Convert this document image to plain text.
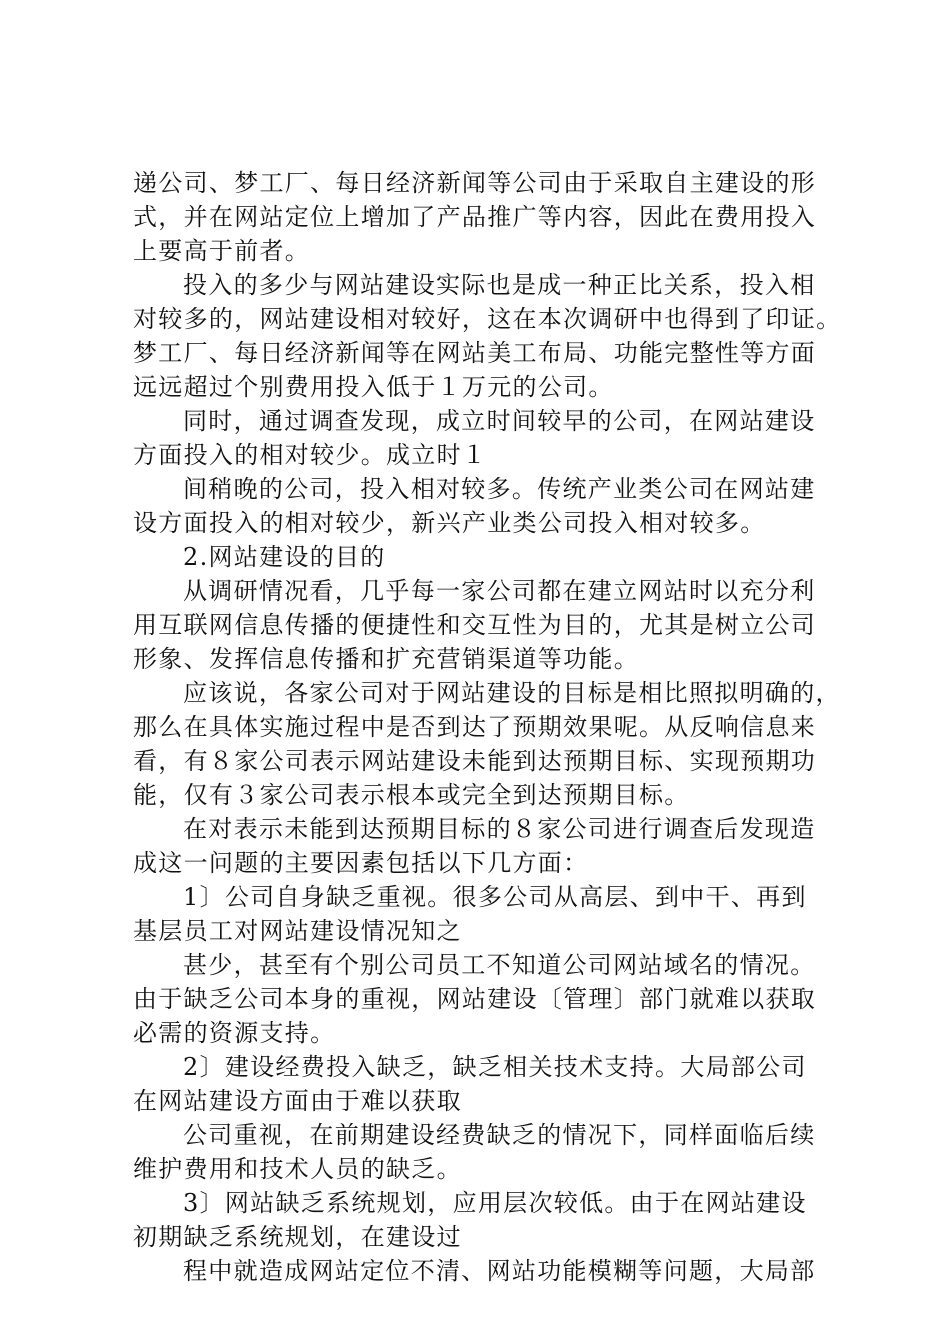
递公司、梦工厂、每日经济新闻等公司由于采取自主建设的形
式，并在网站定位上增加了产品推广等内容，因此在费用投入
上要高于前者。
投入的多少与网站建设实际也是成一种正比关系，投入相
对较多的，网站建设相对较好，这在本次调研中也得到了印证。
梦工厂、每日经济新闻等在网站美工布局、功能完整性等方面
远远超过个别费用投入低于１万元的公司。
同时，通过调查发现，成立时间较早的公司，在网站建设
方面投入的相对较少。成立时１
间稍晚的公司，投入相对较多。传统产业类公司在网站建
设方面投入的相对较少，新兴产业类公司投入相对较多。
2.网站建设的目的
从调研情况看，几乎每一家公司都在建立网站时以充分利
用互联网信息传播的便捷性和交互性为目的，尤其是树立公司
形象、发挥信息传播和扩充营销渠道等功能。
应该说，各家公司对于网站建设的目标是相比照拟明确的，
那么在具体实施过程中是否到达了预期效果呢。从反响信息来
看，有８家公司表示网站建设未能到达预期目标、实现预期功
能，仅有３家公司表示根本或完全到达预期目标。
在对表示未能到达预期目标的８家公司进行调查后发现造
成这一问题的主要因素包括以下几方面：
1〕公司自身缺乏重视。很多公司从高层、到中干、再到
基层员工对网站建设情况知之
甚少，甚至有个别公司员工不知道公司网站域名的情况。
由于缺乏公司本身的重视，网站建设〔管理〕部门就难以获取
必需的资源支持。
2〕建设经费投入缺乏，缺乏相关技术支持。大局部公司
在网站建设方面由于难以获取
公司重视，在前期建设经费缺乏的情况下，同样面临后续
维护费用和技术人员的缺乏。
3〕网站缺乏系统规划，应用层次较低。由于在网站建设
初期缺乏系统规划，在建设过
程中就造成网站定位不清、网站功能模糊等问题，大局部
